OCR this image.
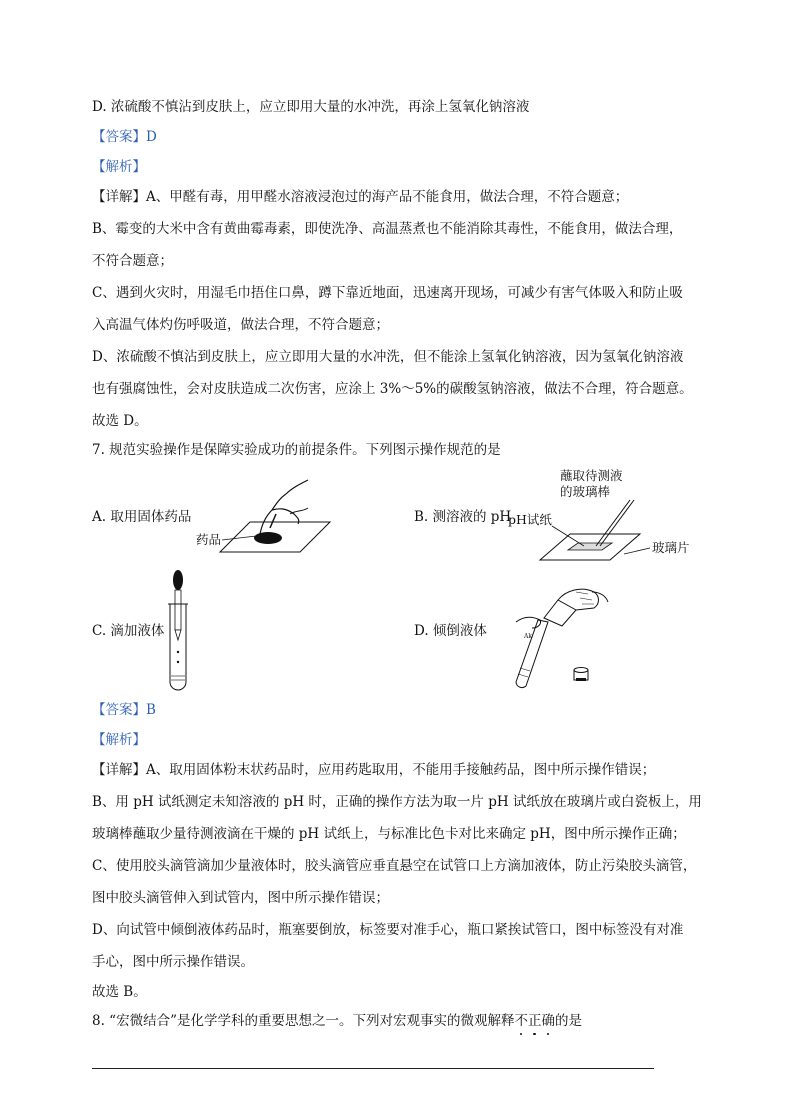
D. 浓硫酸不慎沾到皮肤上，应立即用大量的水冲洗，再涂上氢氧化钠溶液
【答案】D
【解析】
【详解】A、甲醛有毒，用甲醛水溶液浸泡过的海产品不能食用，做法合理，不符合题意；
B、霉变的大米中含有黄曲霉毒素，即使洗净、高温蒸煮也不能消除其毒性，不能食用，做法合理，
不符合题意；
C、遇到火灾时，用湿毛巾捂住口鼻，蹲下靠近地面，迅速离开现场，可减少有害气体吸入和防止吸
入高温气体灼伤呼吸道，做法合理，不符合题意；
D、浓硫酸不慎沾到皮肤上，应立即用大量的水冲洗，但不能涂上氢氧化钠溶液，因为氢氧化钠溶液
也有强腐蚀性，会对皮肤造成二次伤害，应涂上 3%～5%的碳酸氢钠溶液，做法不合理，符合题意。
故选 D。
7. 规范实验操作是保障实验成功的前提条件。下列图示操作规范的是
A. 取用固体药品	B. 测溶液的 pH
C. 滴加液体	D. 倾倒液体
药品
蘸取待测液
的玻璃棒
pH试纸
玻璃片
Ak
【答案】B
【解析】
【详解】A、取用固体粉末状药品时，应用药匙取用，不能用手接触药品，图中所示操作错误；
B、用 pH 试纸测定未知溶液的 pH 时，正确的操作方法为取一片 pH 试纸放在玻璃片或白瓷板上，用
玻璃棒蘸取少量待测液滴在干燥的 pH 试纸上，与标准比色卡对比来确定 pH，图中所示操作正确；
C、使用胶头滴管滴加少量液体时，胶头滴管应垂直悬空在试管口上方滴加液体，防止污染胶头滴管，
图中胶头滴管伸入到试管内，图中所示操作错误；
D、向试管中倾倒液体药品时，瓶塞要倒放，标签要对准手心，瓶口紧挨试管口，图中标签没有对准
手心，图中所示操作错误。
故选 B。
8. “宏微结合”是化学学科的重要思想之一。下列对宏观事实的微观解释不正确的是
